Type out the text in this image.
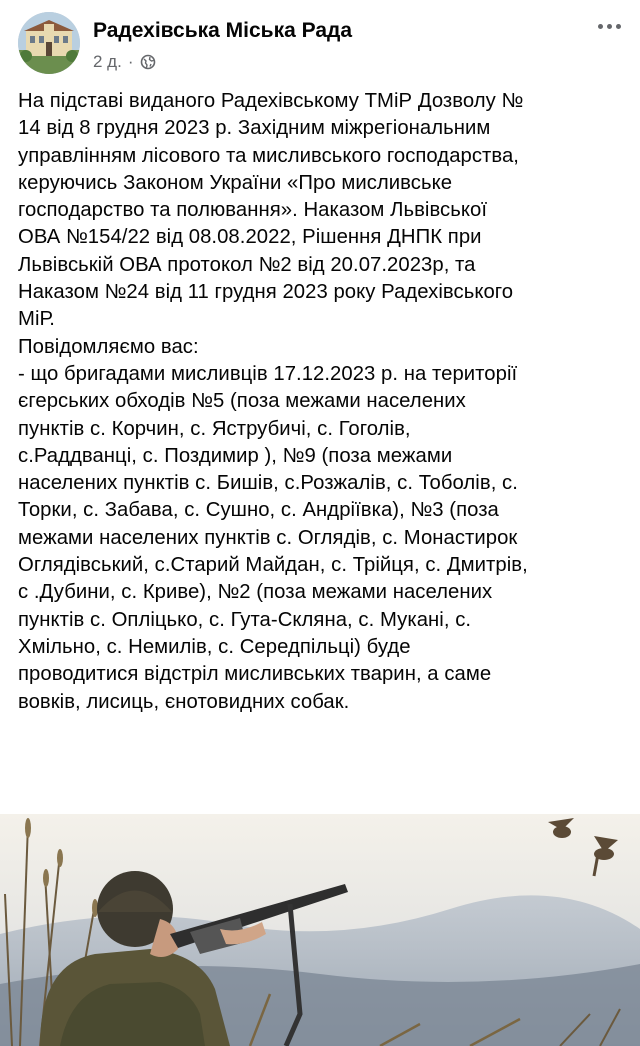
Радехівська Міська Рада
2 д. ·
На підставі виданого Радехівському ТМіР Дозволу №
14 від 8 грудня 2023 р. Західним міжрегіональним
управлінням лісового та мисливського господарства,
керуючись Законом України «Про мисливське
господарство та полювання». Наказом Львівської
ОВА №154/22 від 08.08.2022, Рішення ДНПК при
Львівській ОВА протокол №2 від 20.07.2023р, та
Наказом №24 від 11 грудня 2023 року Радехівського
МіР.
Повідомляємо вас:
- що бригадами мисливців 17.12.2023 р. на території
єгерських обходів №5 (поза межами населених
пунктів с. Корчин, с. Яструбичі, с. Гоголів,
с.Раддванці, с. Поздимир ), №9 (поза межами
населених пунктів с. Бишів, с.Розжалів, с. Тоболів, с.
Торки, с. Забава, с. Сушно, с. Андріївка), №3 (поза
межами населених пунктів с. Оглядів, с. Монастирок
Оглядівський, с.Старий Майдан, с. Трійця, с. Дмитрів,
с .Дубини, с. Криве), №2 (поза межами населених
пунктів с. Опліцько, с. Гута-Скляна, с. Мукані, с.
Хмільно, с. Немилів, с. Середпільці) буде
проводитися відстріл мисливських тварин, а саме
вовків, лисиць, єнотовидних собак.
